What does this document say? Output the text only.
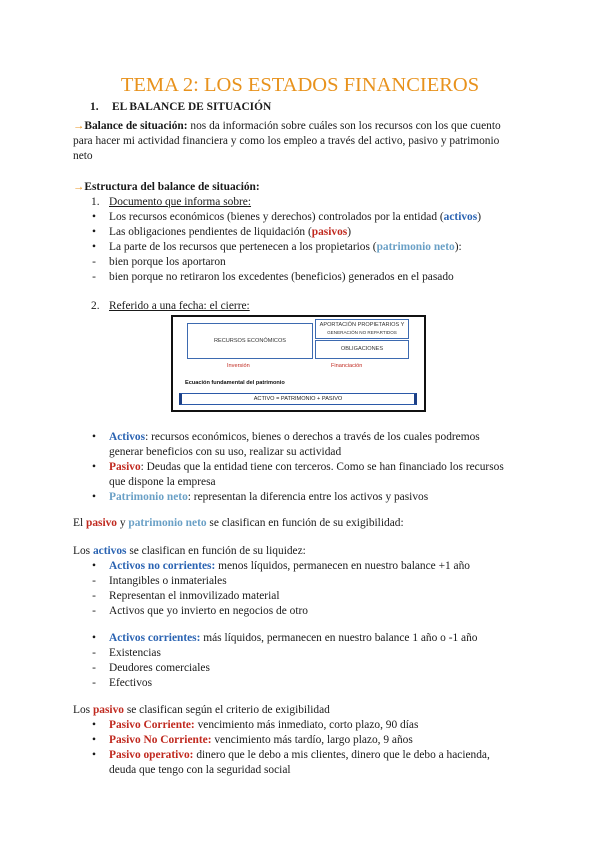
TEMA 2: LOS ESTADOS FINANCIEROS
1. EL BALANCE DE SITUACIÓN
→Balance de situación: nos da información sobre cuáles son los recursos con los que cuento
para hacer mi actividad financiera y como los empleo a través del activo, pasivo y patrimonio
neto
→Estructura del balance de situación:
1. Documento que informa sobre:
• Los recursos económicos (bienes y derechos) controlados por la entidad (activos)
• Las obligaciones pendientes de liquidación (pasivos)
• La parte de los recursos que pertenecen a los propietarios (patrimonio neto):
- bien porque los aportaron
- bien porque no retiraron los excedentes (beneficios) generados en el pasado
2. Referido a una fecha: el cierre:
RECURSOS ECONÓMICOS
APORTACIÓN PROPIETARIOS Y
GENERACIÓN NO REPARTIDOS
OBLIGACIONES
Inversión	Financiación
Ecuación fundamental del patrimonio
ACTIVO = PATRIMONIO + PASIVO
• Activos: recursos económicos, bienes o derechos a través de los cuales podremos
generar beneficios con su uso, realizar su actividad
• Pasivo: Deudas que la entidad tiene con terceros. Como se han financiado los recursos
que dispone la empresa
• Patrimonio neto: representan la diferencia entre los activos y pasivos
El pasivo y patrimonio neto se clasifican en función de su exigibilidad:
Los activos se clasifican en función de su liquidez:
• Activos no corrientes: menos líquidos, permanecen en nuestro balance +1 año
- Intangibles o inmateriales
- Representan el inmovilizado material
- Activos que yo invierto en negocios de otro
• Activos corrientes: más líquidos, permanecen en nuestro balance 1 año o -1 año
- Existencias
- Deudores comerciales
- Efectivos
Los pasivo se clasifican según el criterio de exigibilidad
• Pasivo Corriente: vencimiento más inmediato, corto plazo, 90 días
• Pasivo No Corriente: vencimiento más tardío, largo plazo, 9 años
• Pasivo operativo: dinero que le debo a mis clientes, dinero que le debo a hacienda,
deuda que tengo con la seguridad social
